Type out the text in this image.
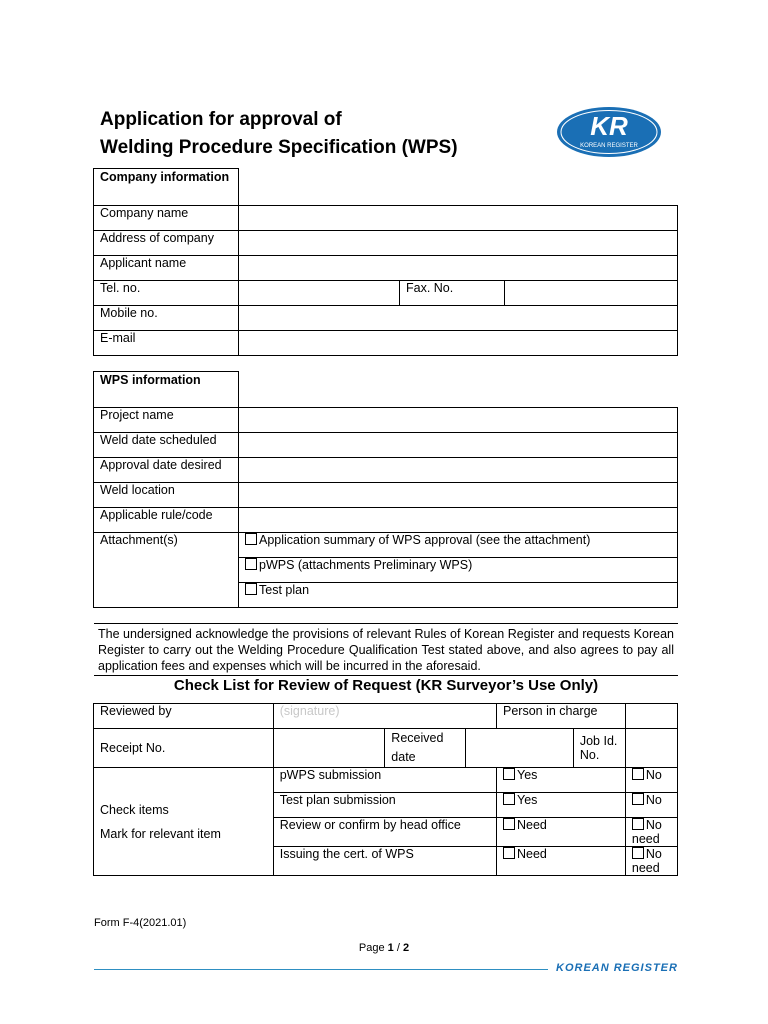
Application for approval of
Welding Procedure Specification (WPS)
KR
KOREAN REGISTER
Company information			
Company name			
Address of company			
Applicant name			
Tel. no.		Fax. No.	
Mobile no.			
E-mail			
WPS information	
Project name	
Weld date scheduled	
Approval date desired	
Weld location	
Applicable rule/code	
Attachment(s)	Application summary of WPS approval (see the attachment)
	pWPS (attachments Preliminary WPS)
	Test plan
The undersigned acknowledge the provisions of relevant Rules of Korean Register and requests Korean Register to carry out the Welding Procedure Qualification Test stated above, and also agrees to pay all application fees and expenses which will be incurred in the aforesaid.
Check List for Review of Request (KR Surveyor’s Use Only)
Reviewed by	(signature)			Person in charge		
Receipt No.		Received date			Job Id. No.	

Check items
Mark for relevant item	pWPS submission			Yes		No
	Test plan submission			Yes		No
	Review or confirm by head office			Need		No need
	Issuing the cert. of WPS			Need		No need
Form F-4(2021.01)
Page 1 / 2
KOREAN REGISTER
